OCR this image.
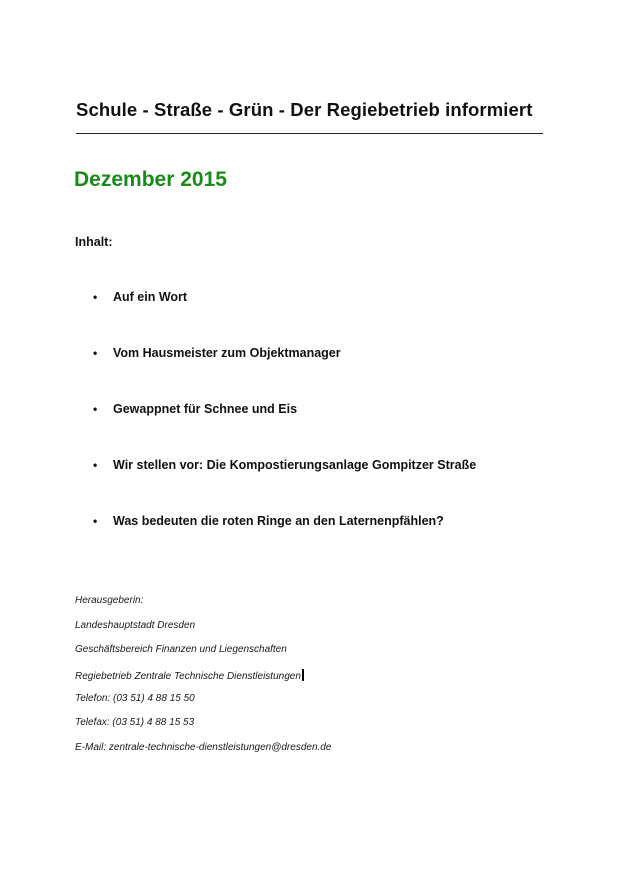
Schule - Straße - Grün - Der Regiebetrieb informiert
Dezember 2015
Inhalt:
• Auf ein Wort
• Vom Hausmeister zum Objektmanager
• Gewappnet für Schnee und Eis
• Wir stellen vor: Die Kompostierungsanlage Gompitzer Straße
• Was bedeuten die roten Ringe an den Laternenpfählen?
Herausgeberin:
Landeshauptstadt Dresden
Geschäftsbereich Finanzen und Liegenschaften
Regiebetrieb Zentrale Technische Dienstleistungen
Telefon: (03 51) 4 88 15 50
Telefax: (03 51) 4 88 15 53
E-Mail: zentrale-technische-dienstleistungen@dresden.de
